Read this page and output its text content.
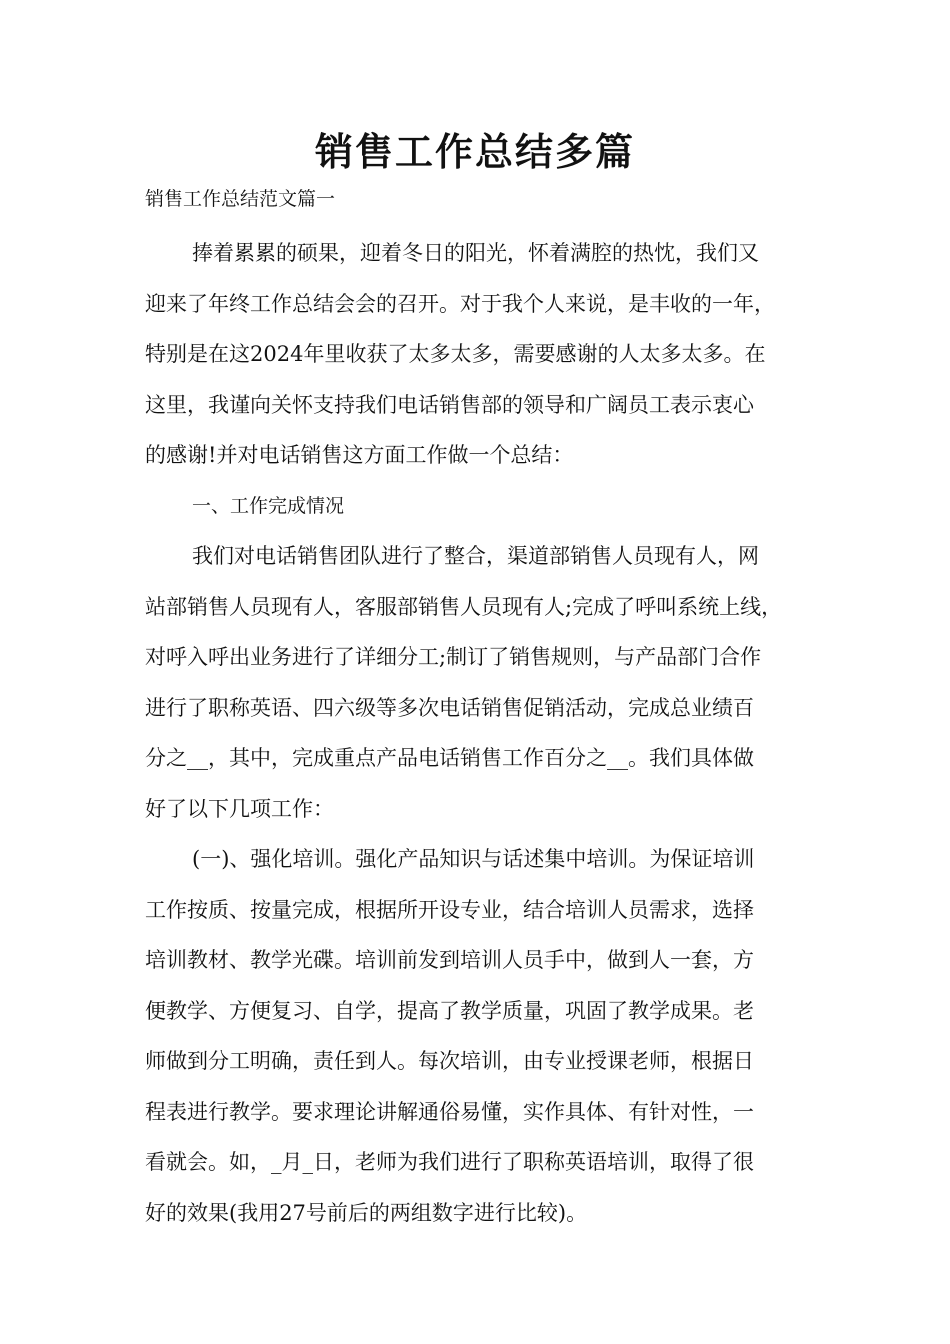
销售工作总结多篇
销售工作总结范文篇一
捧着累累的硕果，迎着冬日的阳光，怀着满腔的热忱，我们又
迎来了年终工作总结会会的召开。对于我个人来说，是丰收的一年，
特别是在这2024年里收获了太多太多，需要感谢的人太多太多。在
这里，我谨向关怀支持我们电话销售部的领导和广阔员工表示衷心
的感谢!并对电话销售这方面工作做一个总结：
一、工作完成情况
我们对电话销售团队进行了整合，渠道部销售人员现有人，网
站部销售人员现有人，客服部销售人员现有人;完成了呼叫系统上线，
对呼入呼出业务进行了详细分工;制订了销售规则，与产品部门合作
进行了职称英语、四六级等多次电话销售促销活动，完成总业绩百
分之__，其中，完成重点产品电话销售工作百分之__。我们具体做
好了以下几项工作：
(一)、强化培训。强化产品知识与话述集中培训。为保证培训
工作按质、按量完成，根据所开设专业，结合培训人员需求，选择
培训教材、教学光碟。培训前发到培训人员手中，做到人一套，方
便教学、方便复习、自学，提高了教学质量，巩固了教学成果。老
师做到分工明确，责任到人。每次培训，由专业授课老师，根据日
程表进行教学。要求理论讲解通俗易懂，实作具体、有针对性，一
看就会。如，_月_日，老师为我们进行了职称英语培训，取得了很
好的效果(我用27号前后的两组数字进行比较)。
